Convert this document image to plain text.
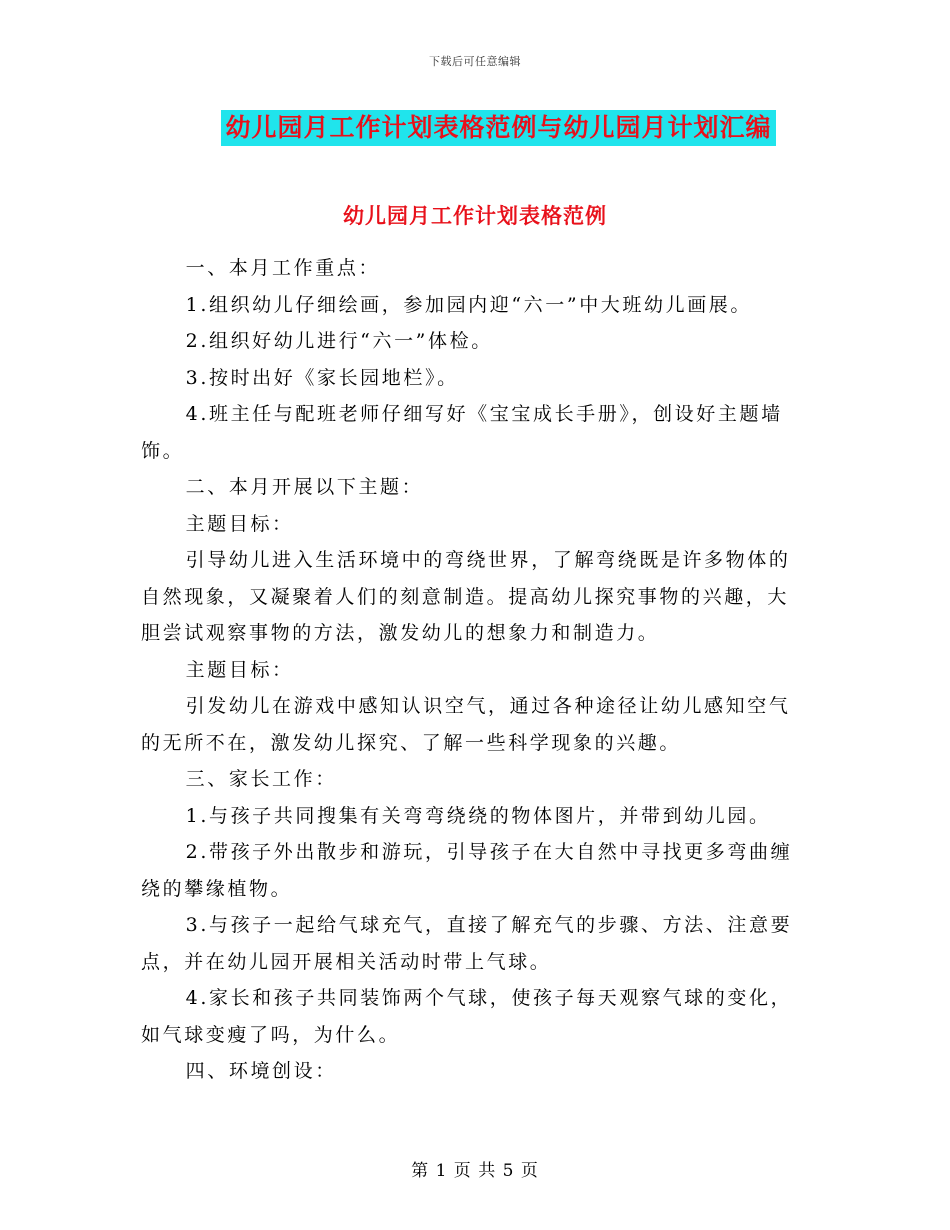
下载后可任意编辑
幼儿园月工作计划表格范例与幼儿园月计划汇编
幼儿园月工作计划表格范例

一、本月工作重点：

1.组织幼儿仔细绘画，参加园内迎“六一”中大班幼儿画展。

2.组织好幼儿进行“六一”体检。

3.按时出好《家长园地栏》。

4.班主任与配班老师仔细写好《宝宝成长手册》，创设好主题墙饰。

二、本月开展以下主题：

主题目标：

引导幼儿进入生活环境中的弯绕世界，了解弯绕既是许多物体的自然现象，又凝聚着人们的刻意制造。提高幼儿探究事物的兴趣，大胆尝试观察事物的方法，激发幼儿的想象力和制造力。

主题目标：

引发幼儿在游戏中感知认识空气，通过各种途径让幼儿感知空气的无所不在，激发幼儿探究、了解一些科学现象的兴趣。

三、家长工作：

1.与孩子共同搜集有关弯弯绕绕的物体图片，并带到幼儿园。

2.带孩子外出散步和游玩，引导孩子在大自然中寻找更多弯曲缠绕的攀缘植物。

3.与孩子一起给气球充气，直接了解充气的步骤、方法、注意要点，并在幼儿园开展相关活动时带上气球。

4.家长和孩子共同装饰两个气球，使孩子每天观察气球的变化，如气球变瘦了吗，为什么。

四、环境创设：

第 1 页 共 5 页
